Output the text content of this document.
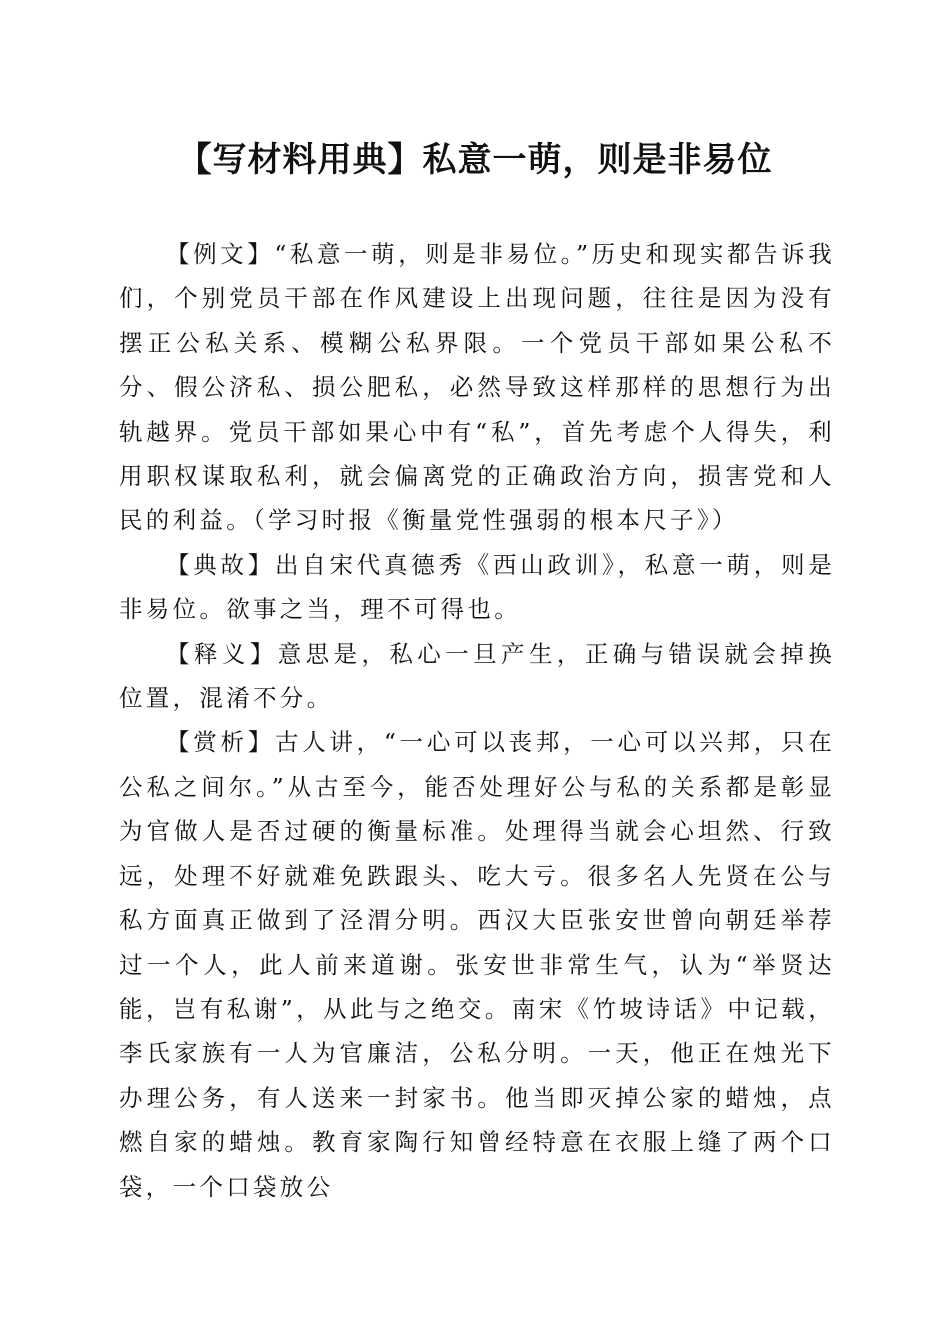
【写材料用典】私意一萌，则是非易位

【例文】“私意一萌，则是非易位。”历史和现实都告诉我们，个别党员干部在作风建设上出现问题，往往是因为没有摆正公私关系、模糊公私界限。一个党员干部如果公私不分、假公济私、损公肥私，必然导致这样那样的思想行为出轨越界。党员干部如果心中有“私”，首先考虑个人得失，利用职权谋取私利，就会偏离党的正确政治方向，损害党和人民的利益。（学习时报《衡量党性强弱的根本尺子》）

【典故】出自宋代真德秀《西山政训》，私意一萌，则是非易位。欲事之当，理不可得也。

【释义】意思是，私心一旦产生，正确与错误就会掉换位置，混淆不分。

【赏析】古人讲，“一心可以丧邦，一心可以兴邦，只在公私之间尔。”从古至今，能否处理好公与私的关系都是彰显为官做人是否过硬的衡量标准。处理得当就会心坦然、行致远，处理不好就难免跌跟头、吃大亏。很多名人先贤在公与私方面真正做到了泾渭分明。西汉大臣张安世曾向朝廷举荐过一个人，此人前来道谢。张安世非常生气，认为“举贤达能，岂有私谢”，从此与之绝交。南宋《竹坡诗话》中记载，李氏家族有一人为官廉洁，公私分明。一天，他正在烛光下办理公务，有人送来一封家书。他当即灭掉公家的蜡烛，点燃自家的蜡烛。教育家陶行知曾经特意在衣服上缝了两个口袋，一个口袋放公
